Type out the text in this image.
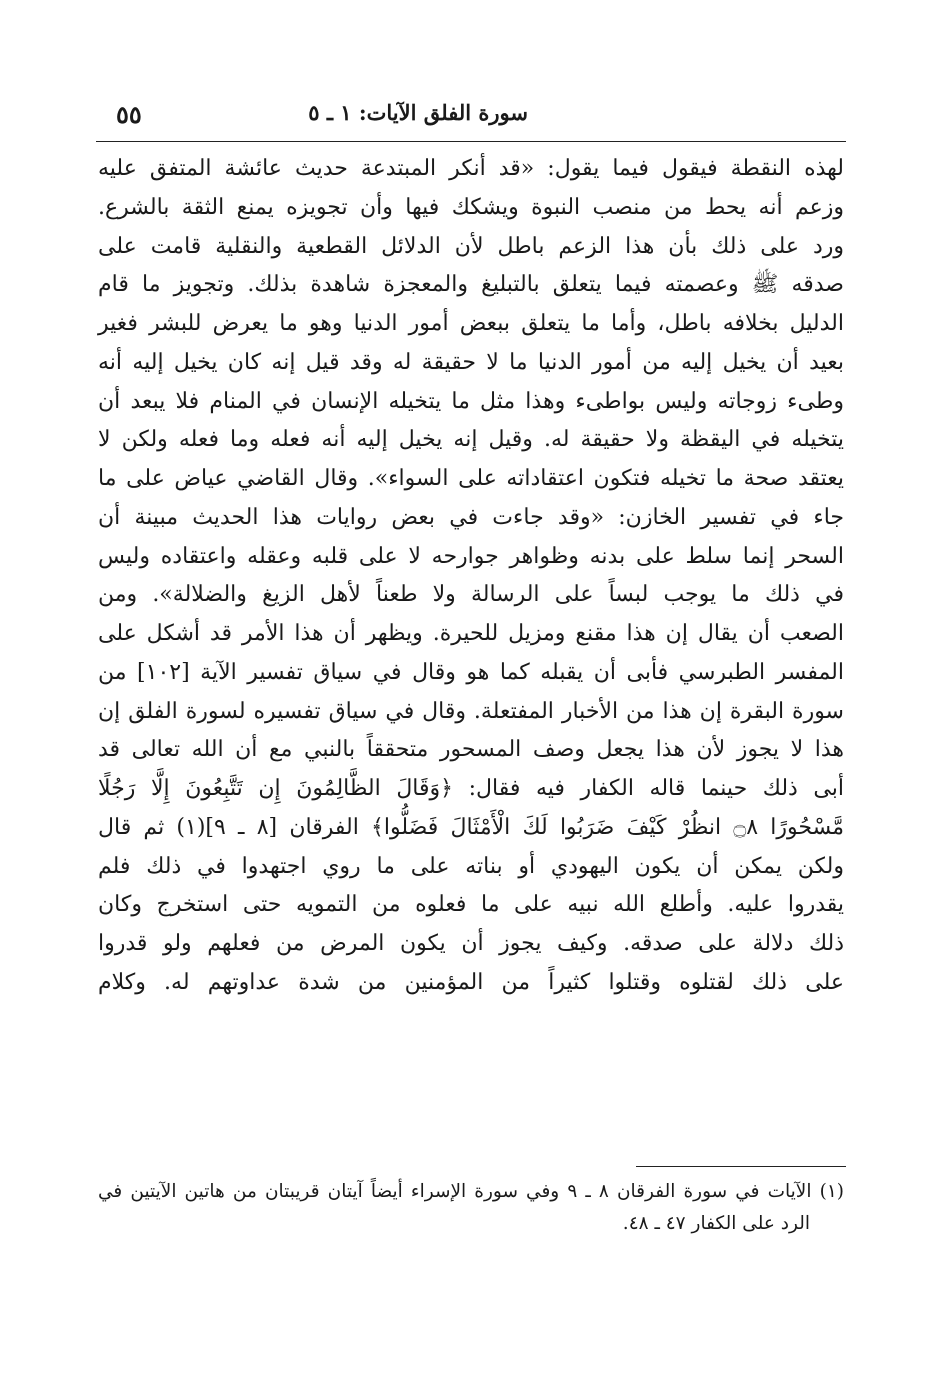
سورة الفلق الآيات: ١ ـ ٥
٥٥
لهذه النقطة فيقول فيما يقول: «قد أنكر المبتدعة حديث عائشة المتفق عليه
وزعم أنه يحط من منصب النبوة ويشكك فيها وأن تجويزه يمنع الثقة بالشرع.
ورد على ذلك بأن هذا الزعم باطل لأن الدلائل القطعية والنقلية قامت على
صدقه ﷺ وعصمته فيما يتعلق بالتبليغ والمعجزة شاهدة بذلك. وتجويز ما قام
الدليل بخلافه باطل، وأما ما يتعلق ببعض أمور الدنيا وهو ما يعرض للبشر فغير
بعيد أن يخيل إليه من أمور الدنيا ما لا حقيقة له وقد قيل إنه كان يخيل إليه أنه
وطىء زوجاته وليس بواطىء وهذا مثل ما يتخيله الإنسان في المنام فلا يبعد أن
يتخيله في اليقظة ولا حقيقة له. وقيل إنه يخيل إليه أنه فعله وما فعله ولكن لا
يعتقد صحة ما تخيله فتكون اعتقاداته على السواء». وقال القاضي عياض على ما
جاء في تفسير الخازن: «وقد جاءت في بعض روايات هذا الحديث مبينة أن
السحر إنما سلط على بدنه وظواهر جوارحه لا على قلبه وعقله واعتقاده وليس
في ذلك ما يوجب لبساً على الرسالة ولا طعناً لأهل الزيغ والضلالة». ومن
الصعب أن يقال إن هذا مقنع ومزيل للحيرة. ويظهر أن هذا الأمر قد أشكل على
المفسر الطبرسي فأبى أن يقبله كما هو وقال في سياق تفسير الآية [١٠٢] من
سورة البقرة إن هذا من الأخبار المفتعلة. وقال في سياق تفسيره لسورة الفلق إن
هذا لا يجوز لأن هذا يجعل وصف المسحور متحققاً بالنبي مع أن الله تعالى قد
أبى ذلك حينما قاله الكفار فيه فقال: ﴿وَقَالَ الظَّالِمُونَ إِن تَتَّبِعُونَ إِلَّا رَجُلًا
مَّسْحُورًا ۝٨ انظُرْ كَيْفَ ضَرَبُوا لَكَ الْأَمْثَالَ فَضَلُّوا﴾ الفرقان [٨ ـ ٩](١) ثم قال
ولكن يمكن أن يكون اليهودي أو بناته على ما روي اجتهدوا في ذلك فلم
يقدروا عليه. وأطلع الله نبيه على ما فعلوه من التمويه حتى استخرج وكان
ذلك دلالة على صدقه. وكيف يجوز أن يكون المرض من فعلهم ولو قدروا
على ذلك لقتلوه وقتلوا كثيراً من المؤمنين من شدة عداوتهم له. وكلام
(١) الآيات في سورة الفرقان ٨ ـ ٩ وفي سورة الإسراء أيضاً آيتان قريبتان من هاتين الآيتين في
الرد على الكفار ٤٧ ـ ٤٨.
